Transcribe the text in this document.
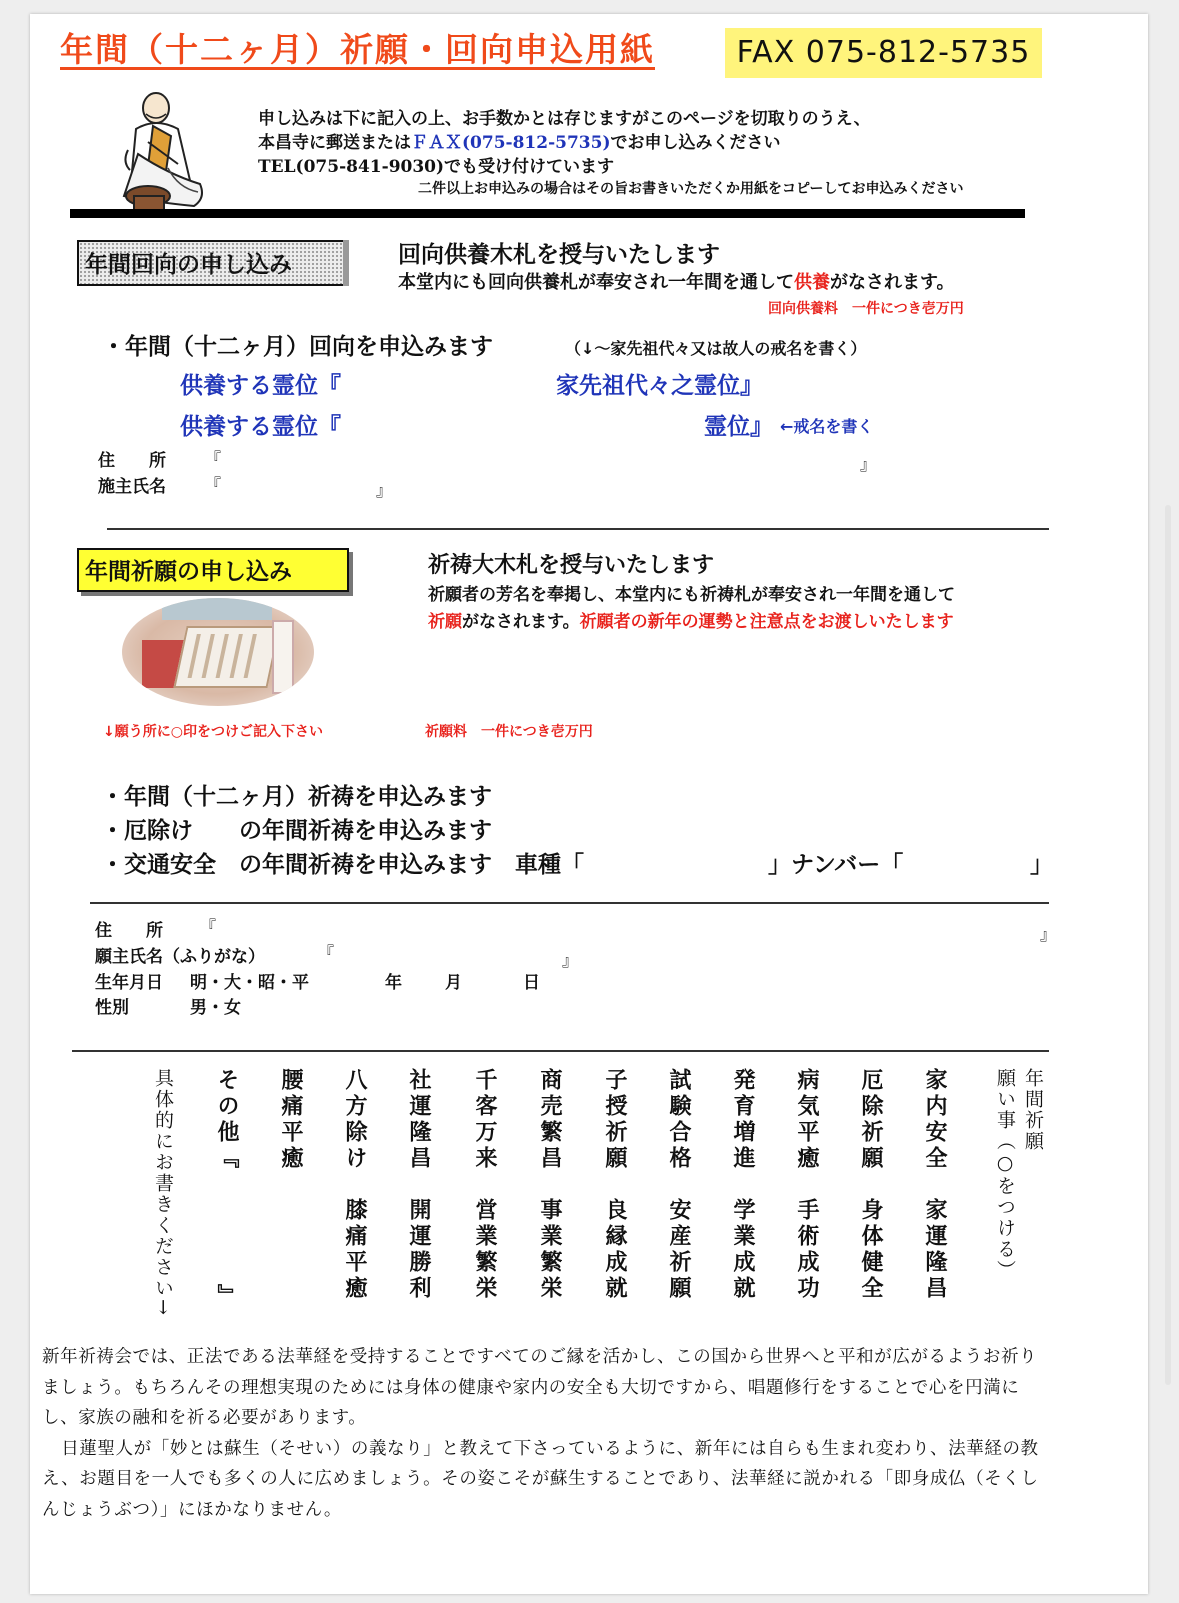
年間（十二ヶ月）祈願・回向申込用紙	FAX 075-812-5735
申し込みは下に記入の上、お手数かとは存じますがこのページを切取りのうえ、
本昌寺に郵送またはＦＡＸ(075‐812‐5735)でお申し込みください
TEL(075‐841‐9030)でも受け付けています
二件以上お申込みの場合はその旨お書きいただくか用紙をコピーしてお申込みください
年間回向の申し込み	回向供養木札を授与いたします
本堂内にも回向供養札が奉安され一年間を通して供養がなされます。
回向供養料　一件につき壱万円
・年間（十二ヶ月）回向を申込みます	（↓～家先祖代々又は故人の戒名を書く）
供養する霊位『	家先祖代々之霊位』
供養する霊位『	霊位』 ←戒名を書く
住　　所 『	』
施主氏名 『	』
年間祈願の申し込み	祈祷大木札を授与いたします
祈願者の芳名を奉掲し、本堂内にも祈祷札が奉安され一年間を通して
祈願がなされます。祈願者の新年の運勢と注意点をお渡しいたします
↓願う所に○印をつけご記入下さい	祈願料　一件につき壱万円
・年間（十二ヶ月）祈祷を申込みます
・厄除け　　の年間祈祷を申込みます
・交通安全　の年間祈祷を申込みます　車種「	」ナンバー「	」
住　　所 『	』
願主氏名（ふりがな）	『	』
生年月日 明・大・昭・平	年	月	日
性別	男・女
年間祈願
願い事（○をつける）
家内安全
家運隆昌
厄除祈願
身体健全
病気平癒
手術成功
発育増進
学業成就
試験合格
安産祈願
子授祈願
良縁成就
商売繁昌
事業繁栄
千客万来
営業繁栄
社運隆昌
開運勝利
八方除け
膝痛平癒
腰痛平癒
その他『
』
具体的にお書きください→

新年祈祷会では、正法である法華経を受持することですべてのご縁を活かし、この国から世界へと平和が広がるようお祈りましょう。もちろんその理想実現のためには身体の健康や家内の安全も大切ですから、唱題修行をすることで心を円満にし、家族の融和を祈る必要があります。

日蓮聖人が「妙とは蘇生（そせい）の義なり」と教えて下さっているように、新年には自らも生まれ変わり、法華経の教え、お題目を一人でも多くの人に広めましょう。その姿こそが蘇生することであり、法華経に説かれる「即身成仏（そくしんじょうぶつ）」にほかなりません。
